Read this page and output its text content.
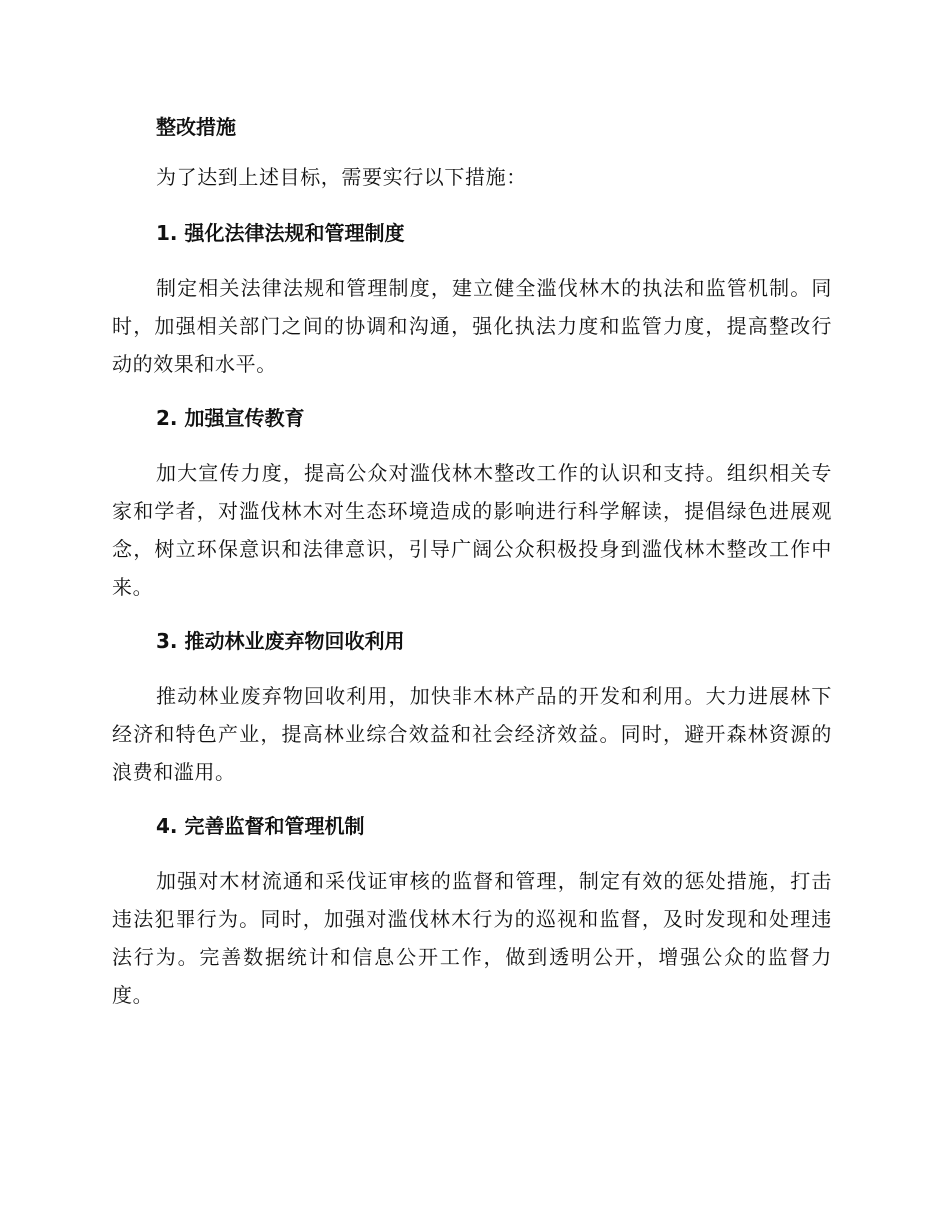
整改措施

为了达到上述目标，需要实行以下措施：

1. 强化法律法规和管理制度

制定相关法律法规和管理制度，建立健全滥伐林木的执法和监管机制。同时，加强相关部门之间的协调和沟通，强化执法力度和监管力度，提高整改行动的效果和水平。

2. 加强宣传教育

加大宣传力度，提高公众对滥伐林木整改工作的认识和支持。组织相关专家和学者，对滥伐林木对生态环境造成的影响进行科学解读，提倡绿色进展观念，树立环保意识和法律意识，引导广阔公众积极投身到滥伐林木整改工作中来。

3. 推动林业废弃物回收利用

推动林业废弃物回收利用，加快非木林产品的开发和利用。大力进展林下经济和特色产业，提高林业综合效益和社会经济效益。同时，避开森林资源的浪费和滥用。

4. 完善监督和管理机制

加强对木材流通和采伐证审核的监督和管理，制定有效的惩处措施，打击违法犯罪行为。同时，加强对滥伐林木行为的巡视和监督，及时发现和处理违法行为。完善数据统计和信息公开工作，做到透明公开，增强公众的监督力度。
